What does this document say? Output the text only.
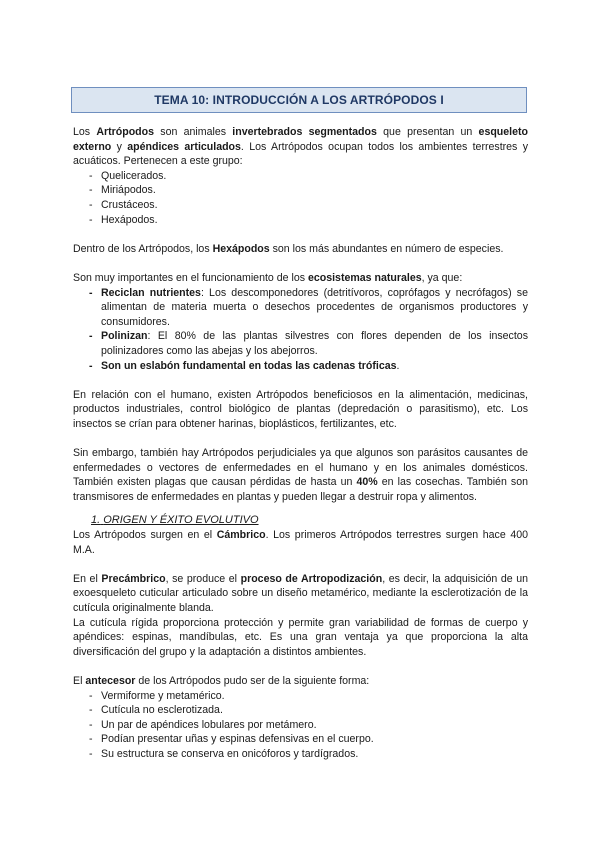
TEMA 10: INTRODUCCIÓN A LOS ARTRÓPODOS I

Los Artrópodos son animales invertebrados segmentados que presentan un esqueleto externo y apéndices articulados. Los Artrópodos ocupan todos los ambientes terrestres y acuáticos. Pertenecen a este grupo:

- Quelicerados.
- Miriápodos.
- Crustáceos.
- Hexápodos.

Dentro de los Artrópodos, los Hexápodos son los más abundantes en número de especies.

Son muy importantes en el funcionamiento de los ecosistemas naturales, ya que:

- Reciclan nutrientes: Los descomponedores (detritívoros, coprófagos y necrófagos) se alimentan de materia muerta o desechos procedentes de organismos productores y consumidores.
- Polinizan: El 80% de las plantas silvestres con flores dependen de los insectos polinizadores como las abejas y los abejorros.
- Son un eslabón fundamental en todas las cadenas tróficas.

En relación con el humano, existen Artrópodos beneficiosos en la alimentación, medicinas, productos industriales, control biológico de plantas (depredación o parasitismo), etc. Los insectos se crían para obtener harinas, bioplásticos, fertilizantes, etc.

Sin embargo, también hay Artrópodos perjudiciales ya que algunos son parásitos causantes de enfermedades o vectores de enfermedades en el humano y en los animales domésticos. También existen plagas que causan pérdidas de hasta un 40% en las cosechas. También son transmisores de enfermedades en plantas y pueden llegar a destruir ropa y alimentos.

1. ORIGEN Y ÉXITO EVOLUTIVO

Los Artrópodos surgen en el Cámbrico. Los primeros Artrópodos terrestres surgen hace 400 M.A.

En el Precámbrico, se produce el proceso de Artropodización, es decir, la adquisición de un exoesqueleto cuticular articulado sobre un diseño metamérico, mediante la esclerotización de la cutícula originalmente blanda.

La cutícula rígida proporciona protección y permite gran variabilidad de formas de cuerpo y apéndices: espinas, mandíbulas, etc. Es una gran ventaja ya que proporciona la alta diversificación del grupo y la adaptación a distintos ambientes.

El antecesor de los Artrópodos pudo ser de la siguiente forma:

- Vermiforme y metamérico.
- Cutícula no esclerotizada.
- Un par de apéndices lobulares por metámero.
- Podían presentar uñas y espinas defensivas en el cuerpo.
- Su estructura se conserva en onicóforos y tardígrados.
